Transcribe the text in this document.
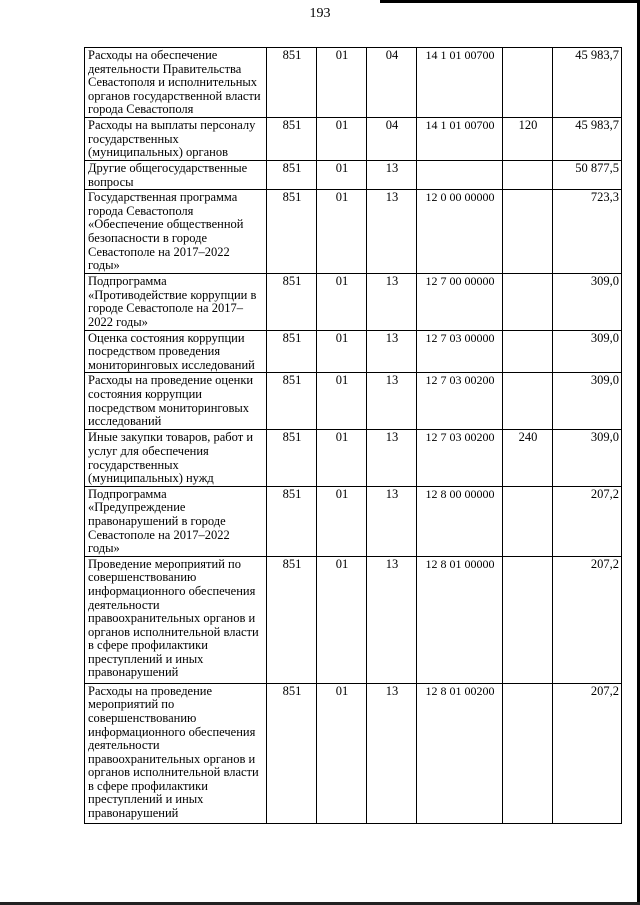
193
Расходы на обеспечение деятельности Правительства Севастополя и исполнительных органов государственной власти города Севастополя	851	01	04	14 1 01 00700		45 983,7
Расходы на выплаты персоналу государственных (муниципальных) органов	851	01	04	14 1 01 00700	120	45 983,7
Другие общегосударственные вопросы	851	01	13			50 877,5
Государственная программа города Севастополя «Обеспечение общественной безопасности в городе Севастополе на 2017–2022 годы»	851	01	13	12 0 00 00000		723,3
Подпрограмма «Противодействие коррупции в городе Севастополе на 2017–2022 годы»	851	01	13	12 7 00 00000		309,0
Оценка состояния коррупции посредством проведения мониторинговых исследований	851	01	13	12 7 03 00000		309,0
Расходы на проведение оценки состояния коррупции посредством мониторинговых исследований	851	01	13	12 7 03 00200		309,0
Иные закупки товаров, работ и услуг для обеспечения государственных (муниципальных) нужд	851	01	13	12 7 03 00200	240	309,0
Подпрограмма «Предупреждение правонарушений в городе Севастополе на 2017–2022 годы»	851	01	13	12 8 00 00000		207,2
Проведение мероприятий по совершенствованию информационного обеспечения деятельности правоохранительных органов и органов исполнительной власти в сфере профилактики преступлений и иных правонарушений	851	01	13	12 8 01 00000		207,2
Расходы на проведение мероприятий по совершенствованию информационного обеспечения деятельности правоохранительных органов и органов исполнительной власти в сфере профилактики преступлений и иных правонарушений	851	01	13	12 8 01 00200		207,2
